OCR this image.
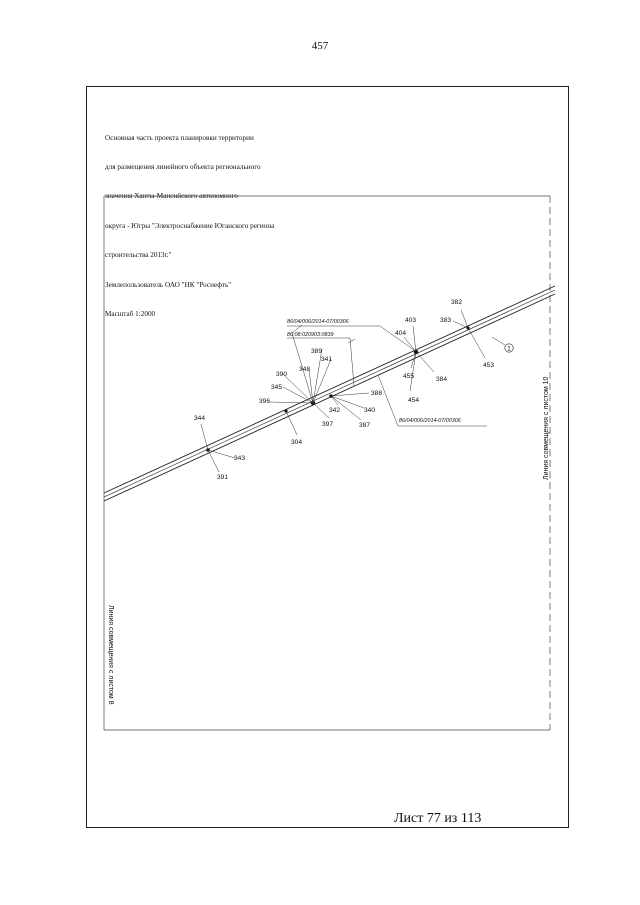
457

Основная часть проекта планировки территории

для размещения линейного объекта регионального

значения Ханты-Мансийского автономного

округа - Югры "Электроснабжение Юганского региона

строительства 2013г."

Землепользователь ОАО "НК "Роснефть"

Масштаб 1:2000

1
86/04/006/2014-07/00306
86:08:020903:0839
86/04/006/2014-07/00306
382
383
403
404
453
455	384
454
389
341
348
390
345
396
388
342	340
397	387
304
344
343
391	Линия совмещения с листом 10
Линия совмещения с листом 8
Лист 77 из 113
